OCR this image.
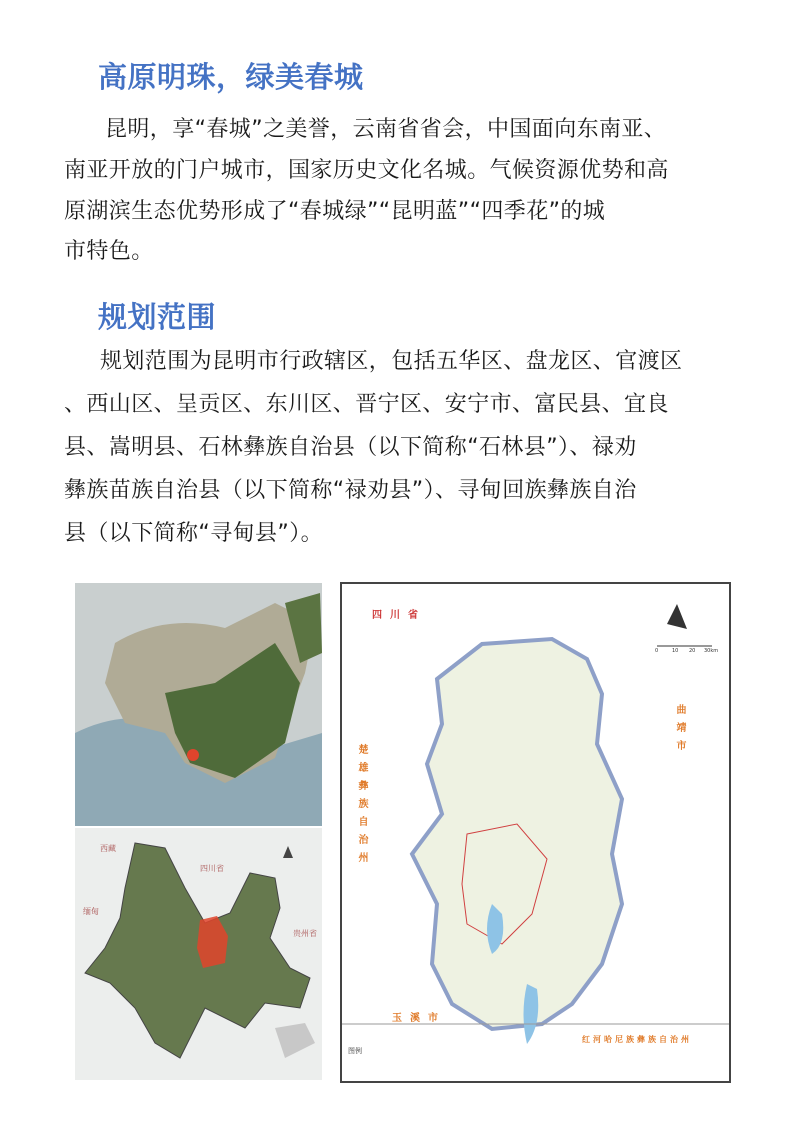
高原明珠，绿美春城
昆明，享“春城”之美誉，云南省省会，中国面向东南亚、
南亚开放的门户城市，国家历史文化名城。气候资源优势和高
原湖滨生态优势形成了“春城绿”“昆明蓝”“四季花”的城
市特色。
规划范围
规划范围为昆明市行政辖区，包括五华区、盘龙区、官渡区
、西山区、呈贡区、东川区、晋宁区、安宁市、富民县、宜良
县、嵩明县、石林彝族自治县（以下简称“石林县”）、禄劝
彝族苗族自治县（以下简称“禄劝县”）、寻甸回族彝族自治
县（以下简称“寻甸县”）。
西藏
四川省
缅甸
贵州省
四川省
曲靖市
玉溪市
红河哈尼族彝族自治州
楚雄彝族自治州
0	10 20 30km
图例
